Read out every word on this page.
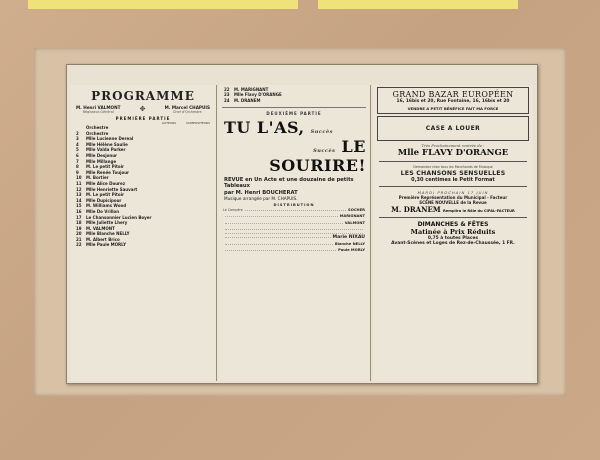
PROGRAMME
M. Henri VALMONT
Régisseur-Général	✥	M. Marcel CHAPUIS
Chef d'Orchestre
PREMIÈRE PARTIE
AUTEURS	COMPOSITEURS
Orchestre
2 Orchestre
3 Mlle Lucienne Dereal
4 Mlle Hélène Saulie
5 Mlle Valda Parker
6 Mlle Desjonur
7 Mlle Millange
8 M. Le petit Pitoir
9 Mlle Renée Toujour
10 M. Bortier
11 Mlle Alice Dourez
12 Mlle Henriette Sauvart
13 M. Le petit Pitoir
14 Mlle Dupicipour
15 M. Williams Wood
16 Mlle Do Vrillon
17 Le Chansonnier Lucien Boyer
18 Mlle Juliette Lhery
19 M. VALMONT
20 Mlle Blanche NELLY
21 M. Albert Brico
22 Mlle Paule MORLY
22 M. MARIGNANT
23 Mlle Flavy D'ORANGE
24 M. DRANEM
DEUXIÈME PARTIE
TU L'AS, Succès
Succès LE SOURIRE!
REVUE en Un Acte et une douzaine de petits Tableaux
par M. Henri BOUCHERAT
Musique arrangée par M. CHAPUIS.
DISTRIBUTION
Le Compère	SOCHER
MARIGNANT
VALMONT
Marie NIXAU
Blanche NELLY
Paule MORLY
GRAND BAZAR EUROPÉEN
16, 16bis et 20, Rue Fontaine, 16, 16bis et 20
VENDRE A PETIT BÉNÉFICE FAIT MA FORCE
CASE A LOUER
Très Prochainement rentrée de :
Mlle FLAVY D'ORANGE
Demandez chez tous les Marchands de Musique
LES CHANSONS SENSUELLES
0,30 centimes le Petit Format
MARDI PROCHAIN 17 JUIN
Première Représentation du Municipal - Facteur
SCÈNE NOUVELLE de la Revue
M. DRANEM Remplira le Rôle du CIPAL-FACTEUR
DIMANCHES & FÊTES
Matinée à Prix Réduits
0,75 à toutes Places
Avant-Scènes et Loges de Rez-de-Chaussée, 1 FR.
